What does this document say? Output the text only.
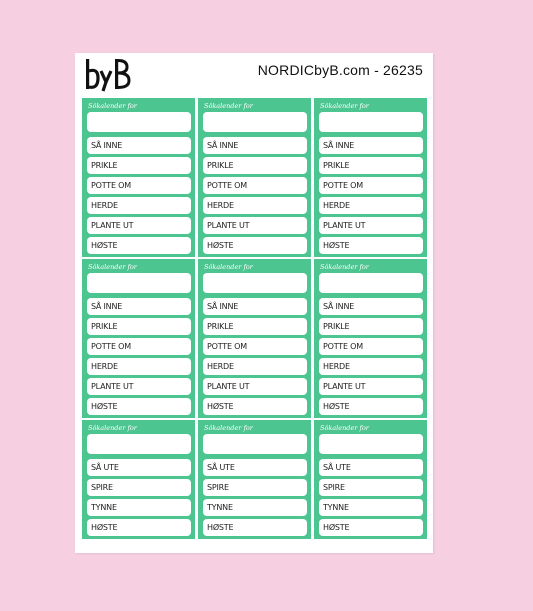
NORDICbyB.com - 26235
Sôkalender for
SÅ INNE
PRIKLE
POTTE OM
HERDE
PLANTE UT
HØSTE
Sôkalender for
SÅ INNE
PRIKLE
POTTE OM
HERDE
PLANTE UT
HØSTE
Sôkalender for
SÅ INNE
PRIKLE
POTTE OM
HERDE
PLANTE UT
HØSTE
Sôkalender for
SÅ INNE
PRIKLE
POTTE OM
HERDE
PLANTE UT
HØSTE
Sôkalender for
SÅ INNE
PRIKLE
POTTE OM
HERDE
PLANTE UT
HØSTE
Sôkalender for
SÅ INNE
PRIKLE
POTTE OM
HERDE
PLANTE UT
HØSTE
Sôkalender for
SÅ UTE
SPIRE
TYNNE
HØSTE
Sôkalender for
SÅ UTE
SPIRE
TYNNE
HØSTE
Sôkalender for
SÅ UTE
SPIRE
TYNNE
HØSTE
